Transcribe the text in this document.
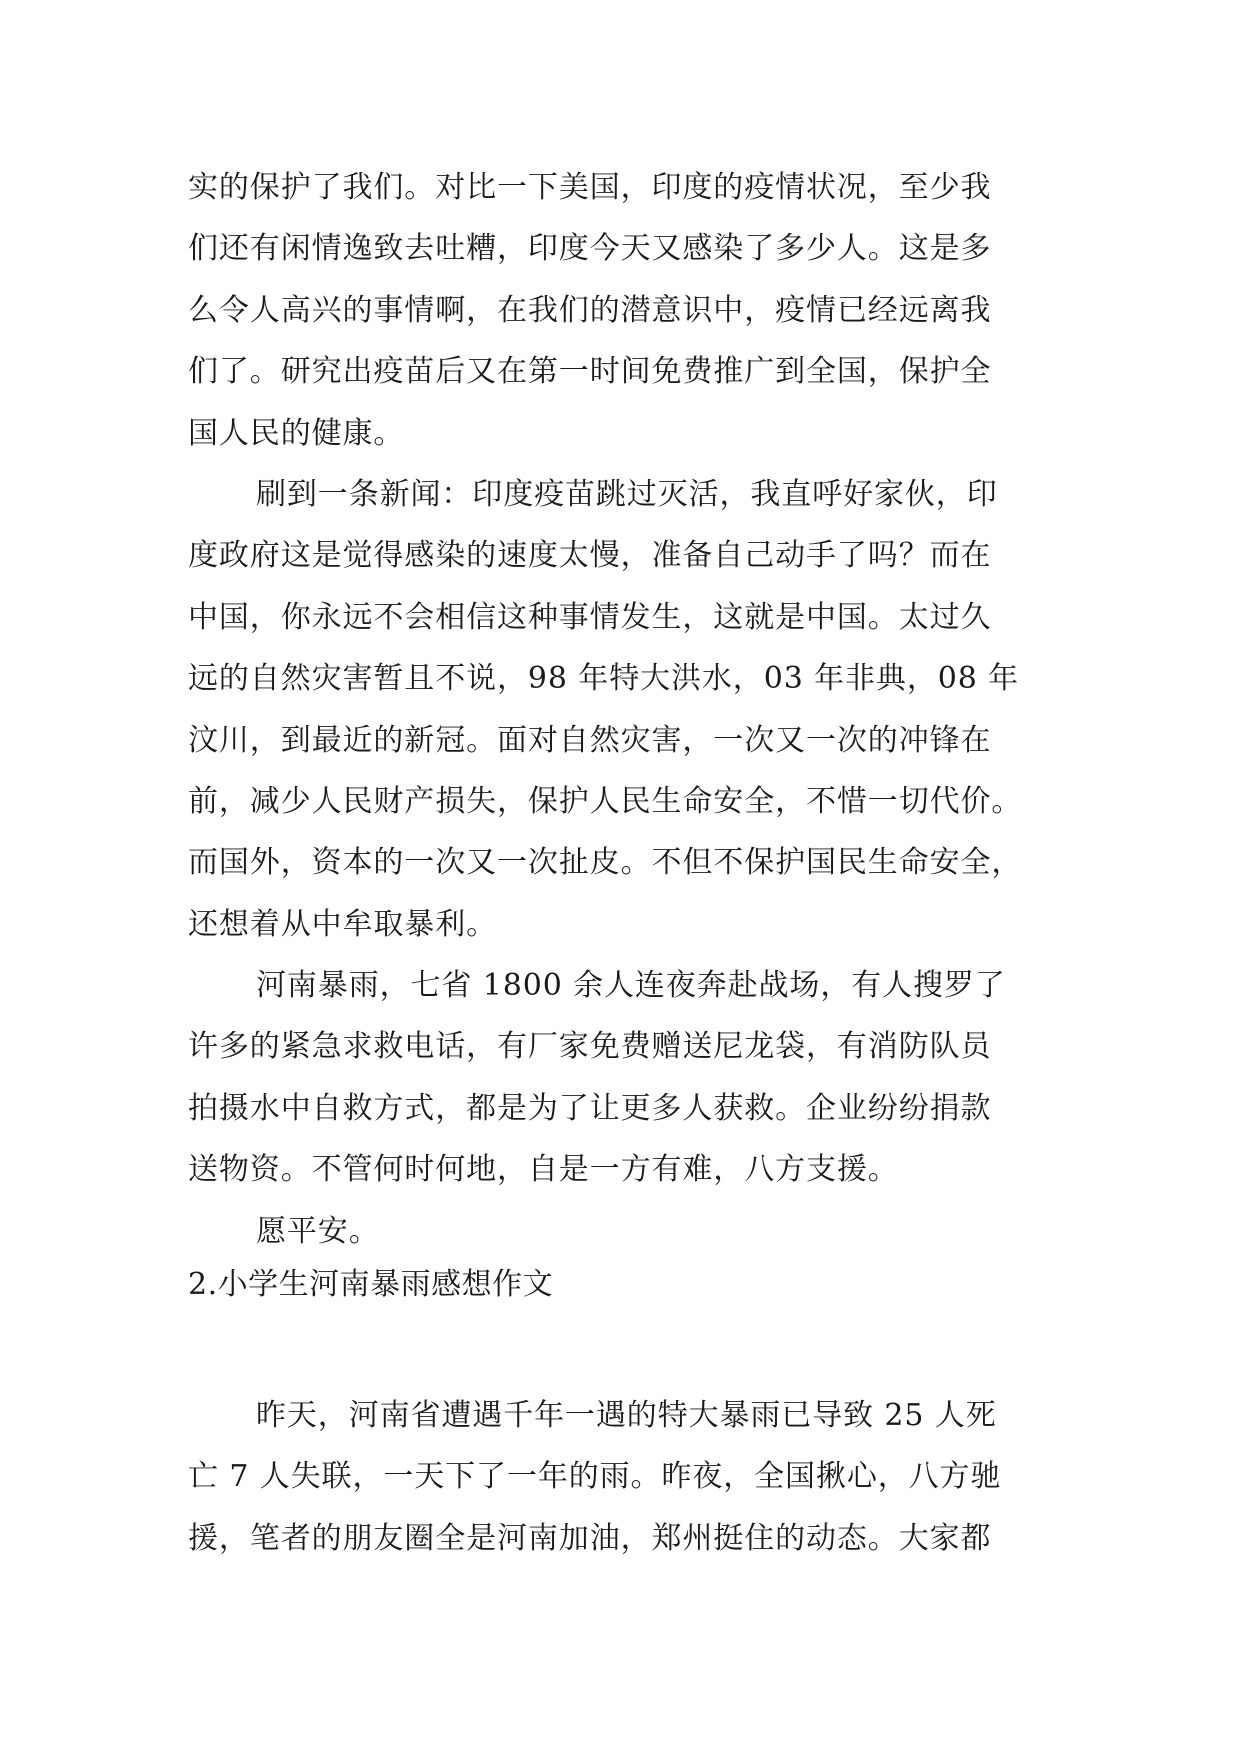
实的保护了我们。对比一下美国，印度的疫情状况，至少我
们还有闲情逸致去吐糟，印度今天又感染了多少人。这是多
么令人高兴的事情啊，在我们的潜意识中，疫情已经远离我
们了。研究出疫苗后又在第一时间免费推广到全国，保护全
国人民的健康。
刷到一条新闻：印度疫苗跳过灭活，我直呼好家伙，印
度政府这是觉得感染的速度太慢，准备自己动手了吗？而在
中国，你永远不会相信这种事情发生，这就是中国。太过久
远的自然灾害暂且不说，98 年特大洪水，03 年非典，08 年
汶川，到最近的新冠。面对自然灾害，一次又一次的冲锋在
前，减少人民财产损失，保护人民生命安全，不惜一切代价。
而国外，资本的一次又一次扯皮。不但不保护国民生命安全，
还想着从中牟取暴利。
河南暴雨，七省 1800 余人连夜奔赴战场，有人搜罗了
许多的紧急求救电话，有厂家免费赠送尼龙袋，有消防队员
拍摄水中自救方式，都是为了让更多人获救。企业纷纷捐款
送物资。不管何时何地，自是一方有难，八方支援。
愿平安。
2.小学生河南暴雨感想作文
昨天，河南省遭遇千年一遇的特大暴雨已导致 25 人死
亡 7 人失联，一天下了一年的雨。昨夜，全国揪心，八方驰
援，笔者的朋友圈全是河南加油，郑州挺住的动态。大家都
